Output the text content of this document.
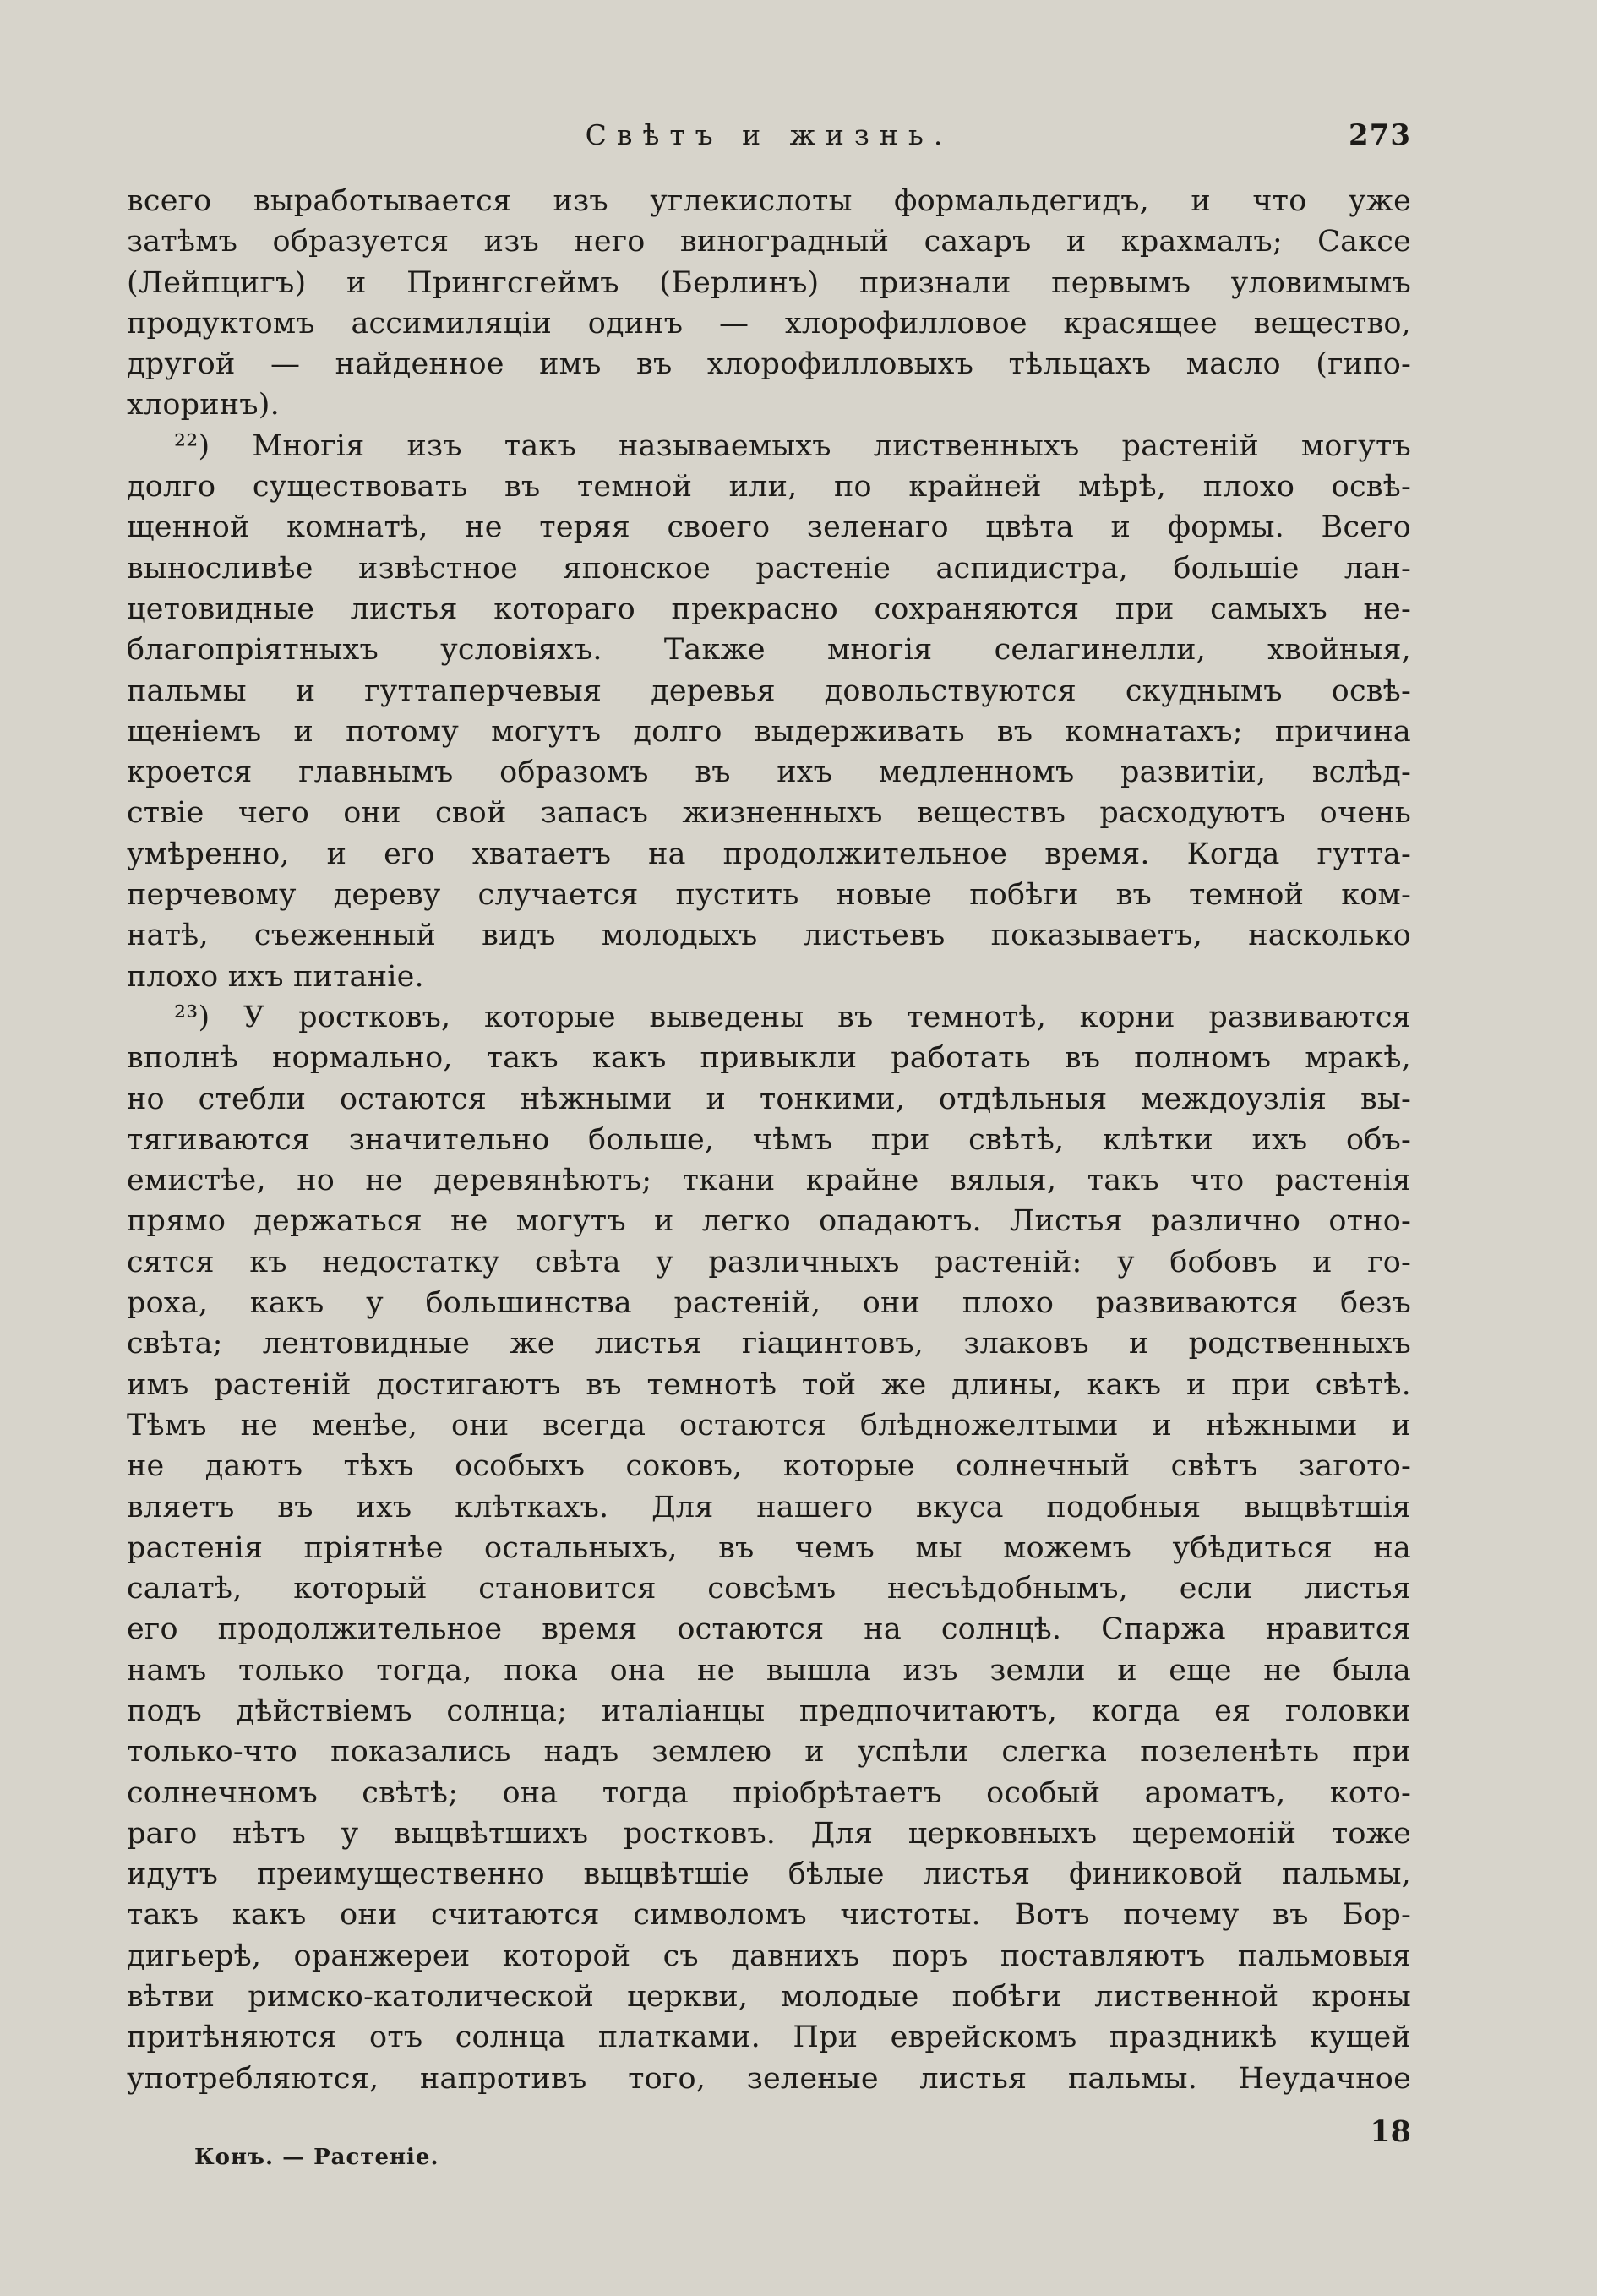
Свѣтъ и жизнь.	273
всего выработывается изъ углекислоты формальдегидъ, и что уже
затѣмъ образуется изъ него виноградный сахаръ и крахмалъ; Саксе
(Лейпцигъ) и Прингсгеймъ (Берлинъ) признали первымъ уловимымъ
продуктомъ ассимиляціи одинъ — хлорофилловое красящее вещество,
другой — найденное имъ въ хлорофилловыхъ тѣльцахъ масло (гипо-
хлоринъ).
²²) Многія изъ такъ называемыхъ лиственныхъ растеній могутъ
долго существовать въ темной или, по крайней мѣрѣ, плохо освѣ-
щенной комнатѣ, не теряя своего зеленаго цвѣта и формы. Всего
выносливѣе извѣстное японское растеніе аспидистра, большіе лан-
цетовидные листья котораго прекрасно сохраняются при самыхъ не-
благопріятныхъ условіяхъ. Также многія селагинелли, хвойныя,
пальмы и гуттаперчевыя деревья довольствуются скуднымъ освѣ-
щеніемъ и потому могутъ долго выдерживать въ комнатахъ; причина
кроется главнымъ образомъ въ ихъ медленномъ развитіи, вслѣд-
ствіе чего они свой запасъ жизненныхъ веществъ расходуютъ очень
умѣренно, и его хватаетъ на продолжительное время. Когда гутта-
перчевому дереву случается пустить новые побѣги въ темной ком-
натѣ, съеженный видъ молодыхъ листьевъ показываетъ, насколько
плохо ихъ питаніе.
²³) У ростковъ, которые выведены въ темнотѣ, корни развиваются
вполнѣ нормально, такъ какъ привыкли работать въ полномъ мракѣ,
но стебли остаются нѣжными и тонкими, отдѣльныя междоузлія вы-
тягиваются значительно больше, чѣмъ при свѣтѣ, клѣтки ихъ объ-
емистѣе, но не деревянѣютъ; ткани крайне вялыя, такъ что растенія
прямо держаться не могутъ и легко опадаютъ. Листья различно отно-
сятся къ недостатку свѣта у различныхъ растеній: у бобовъ и го-
роха, какъ у большинства растеній, они плохо развиваются безъ
свѣта; лентовидные же листья гіацинтовъ, злаковъ и родственныхъ
имъ растеній достигаютъ въ темнотѣ той же длины, какъ и при свѣтѣ.
Тѣмъ не менѣе, они всегда остаются блѣдножелтыми и нѣжными и
не даютъ тѣхъ особыхъ соковъ, которые солнечный свѣтъ загото-
вляетъ въ ихъ клѣткахъ. Для нашего вкуса подобныя выцвѣтшія
растенія пріятнѣе остальныхъ, въ чемъ мы можемъ убѣдиться на
салатѣ, который становится совсѣмъ несъѣдобнымъ, если листья
его продолжительное время остаются на солнцѣ. Спаржа нравится
намъ только тогда, пока она не вышла изъ земли и еще не была
подъ дѣйствіемъ солнца; италіанцы предпочитаютъ, когда ея головки
только-что показались надъ землею и успѣли слегка позеленѣть при
солнечномъ свѣтѣ; она тогда пріобрѣтаетъ особый ароматъ, кото-
раго нѣтъ у выцвѣтшихъ ростковъ. Для церковныхъ церемоній тоже
идутъ преимущественно выцвѣтшіе бѣлые листья финиковой пальмы,
такъ какъ они считаются символомъ чистоты. Вотъ почему въ Бор-
дигьерѣ, оранжереи которой съ давнихъ поръ поставляютъ пальмовыя
вѣтви римско-католической церкви, молодые побѣги лиственной кроны
притѣняются отъ солнца платками. При еврейскомъ праздникѣ кущей
употребляются, напротивъ того, зеленые листья пальмы. Неудачное
Конъ. — Растеніе.
18
